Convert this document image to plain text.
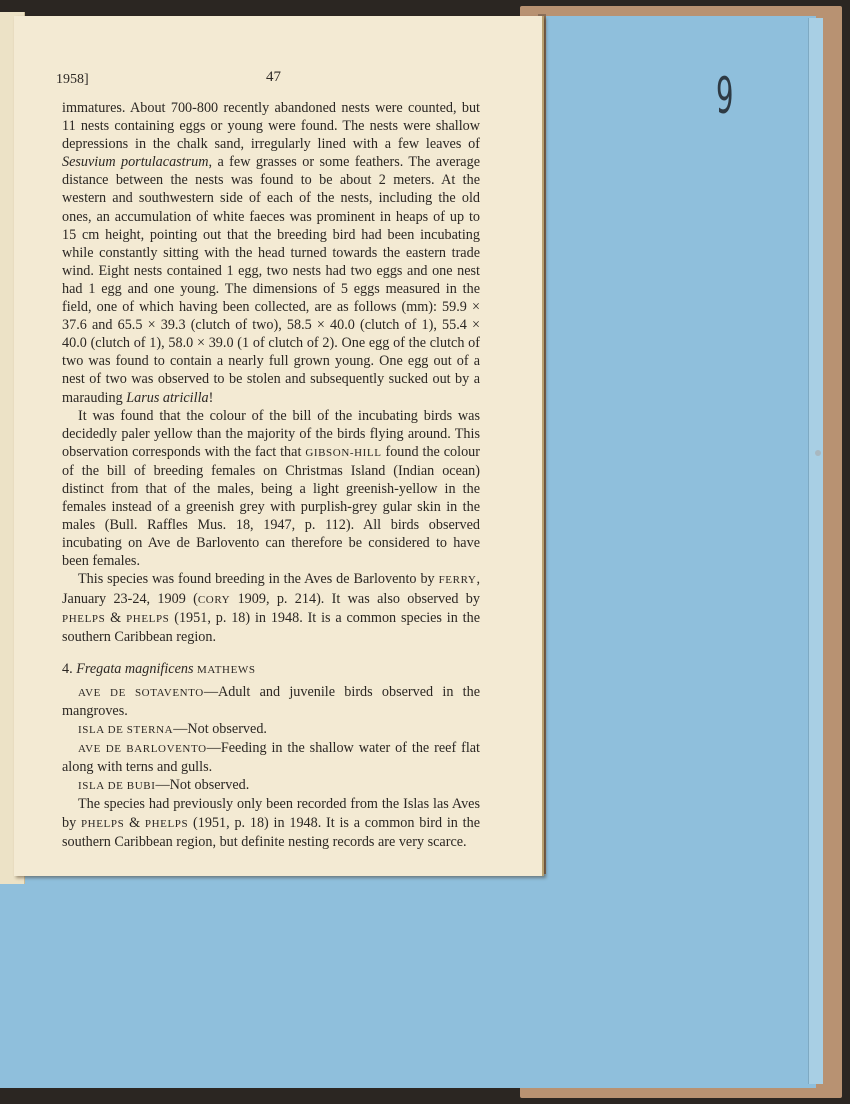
9
1958]	47

immatures. About 700-800 recently abandoned nests were counted, but 11 nests containing eggs or young were found. The nests were shallow depressions in the chalk sand, irregularly lined with a few leaves of Sesuvium portulacastrum, a few grasses or some feathers. The average distance between the nests was found to be about 2 meters. At the western and southwestern side of each of the nests, including the old ones, an accumulation of white faeces was prominent in heaps of up to 15 cm height, pointing out that the breeding bird had been incubating while constantly sitting with the head turned towards the eastern trade wind. Eight nests contained 1 egg, two nests had two eggs and one nest had 1 egg and one young. The dimensions of 5 eggs measured in the field, one of which having been collected, are as follows (mm): 59.9 × 37.6 and 65.5 × 39.3 (clutch of two), 58.5 × 40.0 (clutch of 1), 55.4 × 40.0 (clutch of 1), 58.0 × 39.0 (1 of clutch of 2). One egg of the clutch of two was found to contain a nearly full grown young. One egg out of a nest of two was observed to be stolen and subsequently sucked out by a marauding Larus atricilla!

It was found that the colour of the bill of the incubating birds was decidedly paler yellow than the majority of the birds flying around. This observation corresponds with the fact that GIBSON-HILL found the colour of the bill of breeding females on Christmas Island (Indian ocean) distinct from that of the males, being a light greenish-yellow in the females instead of a greenish grey with purplish-grey gular skin in the males (Bull. Raffles Mus. 18, 1947, p. 112). All birds observed incubating on Ave de Barlovento can therefore be considered to have been females.

This species was found breeding in the Aves de Barlovento by FERRY, January 23-24, 1909 (CORY 1909, p. 214). It was also observed by PHELPS & PHELPS (1951, p. 18) in 1948. It is a common species in the southern Caribbean region.

4. Fregata magnificens MATHEWS

AVE DE SOTAVENTO—Adult and juvenile birds observed in the mangroves.

ISLA DE STERNA—Not observed.

AVE DE BARLOVENTO—Feeding in the shallow water of the reef flat along with terns and gulls.

ISLA DE BUBI—Not observed.

The species had previously only been recorded from the Islas las Aves by PHELPS & PHELPS (1951, p. 18) in 1948. It is a common bird in the southern Caribbean region, but definite nesting records are very scarce.
